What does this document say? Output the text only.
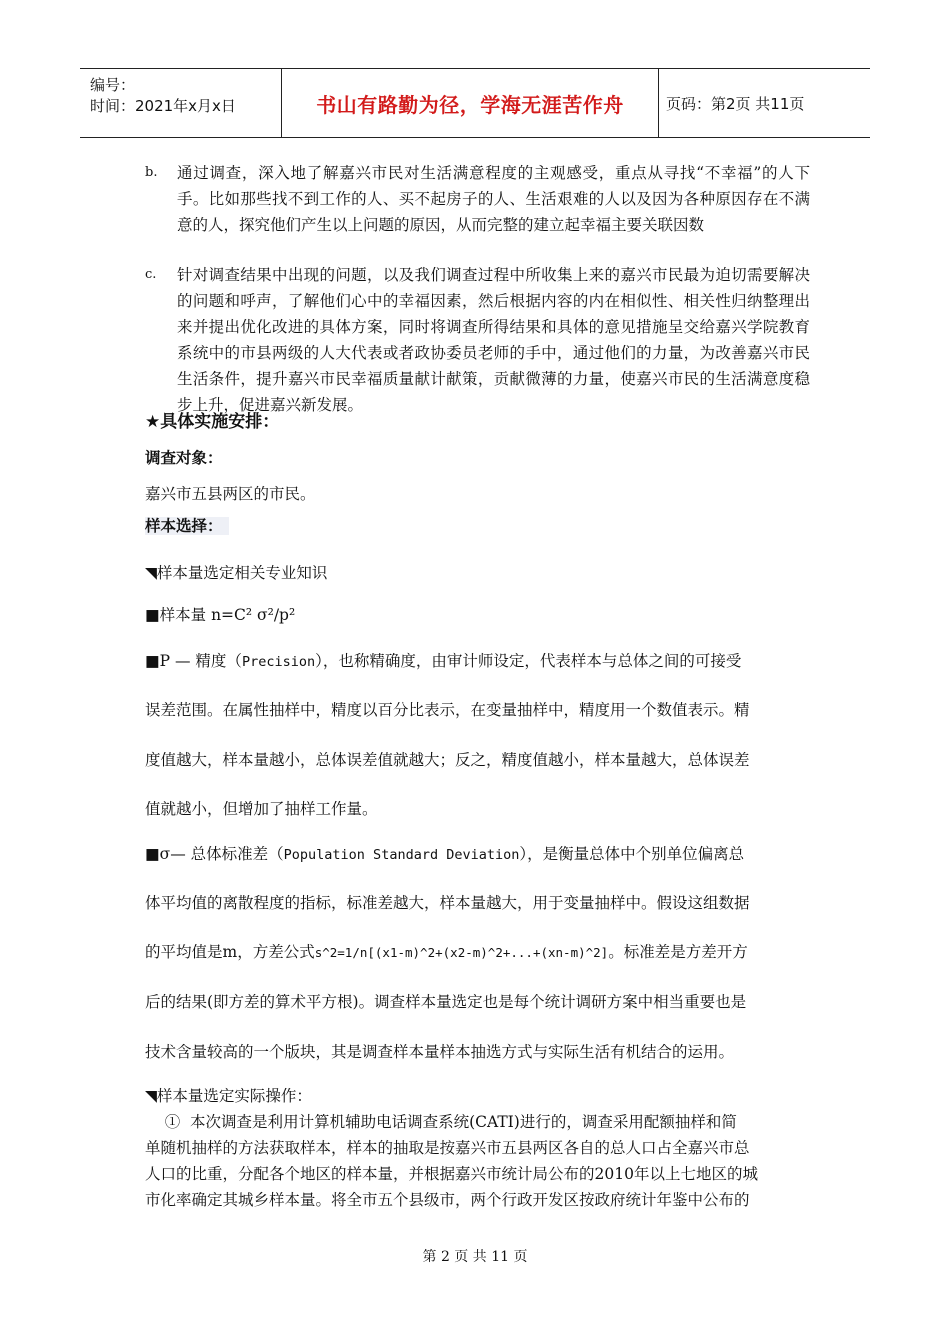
编号：
时间：2021年x月x日	书山有路勤为径，学海无涯苦作舟	页码：第2页 共11页
b. 通过调查，深入地了解嘉兴市民对生活满意程度的主观感受，重点从寻找“不幸福”的人下手。比如那些找不到工作的人、买不起房子的人、生活艰难的人以及因为各种原因存在不满意的人，探究他们产生以上问题的原因，从而完整的建立起幸福主要关联因数
c. 针对调查结果中出现的问题，以及我们调查过程中所收集上来的嘉兴市民最为迫切需要解决的问题和呼声，了解他们心中的幸福因素，然后根据内容的内在相似性、相关性归纳整理出来并提出优化改进的具体方案，同时将调查所得结果和具体的意见措施呈交给嘉兴学院教育系统中的市县两级的人大代表或者政协委员老师的手中，通过他们的力量，为改善嘉兴市民生活条件，提升嘉兴市民幸福质量献计献策，贡献微薄的力量，使嘉兴市民的生活满意度稳步上升，促进嘉兴新发展。
★具体实施安排：
调查对象：
嘉兴市五县两区的市民。
样本选择：
◥样本量选定相关专业知识
■样本量 n=C² σ²/p²
■P — 精度（Precision），也称精确度，由审计师设定，代表样本与总体之间的可接受
误差范围。在属性抽样中，精度以百分比表示，在变量抽样中，精度用一个数值表示。精
度值越大，样本量越小，总体误差值就越大；反之，精度值越小，样本量越大，总体误差
值就越小，但增加了抽样工作量。
■σ— 总体标准差（Population Standard Deviation），是衡量总体中个别单位偏离总
体平均值的离散程度的指标，标准差越大，样本量越大，用于变量抽样中。假设这组数据
的平均值是m，方差公式s^2=1/n[(x1-m)^2+(x2-m)^2+...+(xn-m)^2]。标准差是方差开方
后的结果(即方差的算术平方根)。调查样本量选定也是每个统计调研方案中相当重要也是
技术含量较高的一个版块，其是调查样本量样本抽选方式与实际生活有机结合的运用。
◥样本量选定实际操作：
①  本次调查是利用计算机辅助电话调查系统(CATI)进行的，调查采用配额抽样和简
单随机抽样的方法获取样本，样本的抽取是按嘉兴市五县两区各自的总人口占全嘉兴市总
人口的比重，分配各个地区的样本量，并根据嘉兴市统计局公布的2010年以上七地区的城
市化率确定其城乡样本量。将全市五个县级市，两个行政开发区按政府统计年鉴中公布的
第 2 页 共 11 页
